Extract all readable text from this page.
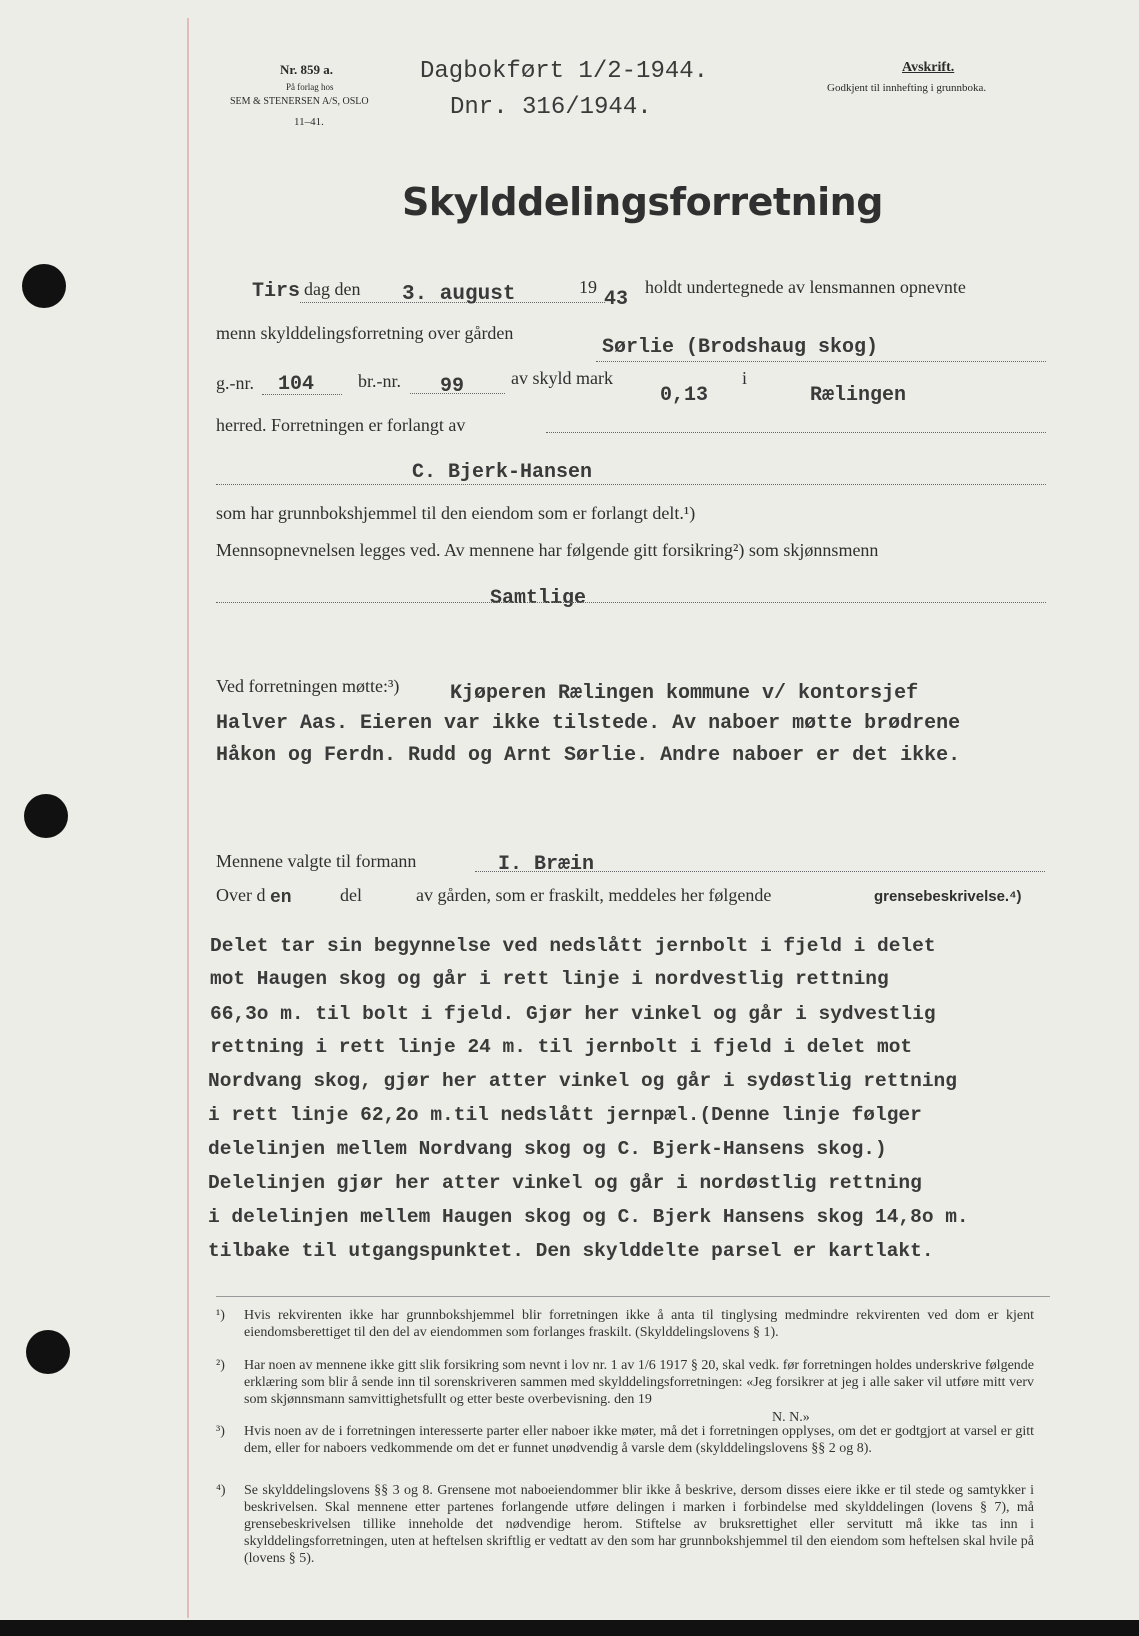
Nr. 859 a.
På forlag hos
SEM & STENERSEN A/S, OSLO
11–41.
Dagbokført 1/2-1944.
Dnr. 316/1944.
Avskrift.
Godkjent til innhefting i grunnboka.
Skylddelingsforretning
Tirs dag den 3. august	19
43
holdt undertegnede av lensmannen opnevnte
menn skylddelingsforretning over gården
Sørlie (Brodshaug skog)
g.-nr. 104 br.-nr. 99	av skyld mark
0,13
i
Rælingen
herred. Forretningen er forlangt av
C. Bjerk-Hansen
som har grunnbokshjemmel til den eiendom som er forlangt delt.¹)
Mennsopnevnelsen legges ved. Av mennene har følgende gitt forsikring²) som skjønnsmenn
Samtlige
Ved forretningen møtte:³)	Kjøperen Rælingen kommune v/ kontorsjef
Halver Aas. Eieren var ikke tilstede. Av naboer møtte brødrene
Håkon og Ferdn. Rudd og Arnt Sørlie. Andre naboer er det ikke.
Mennene valgte til formann	I. Bræin
Over d en	del	av gården, som er fraskilt, meddeles her følgende	grensebeskrivelse.⁴)
Delet tar sin begynnelse ved nedslått jernbolt i fjeld i delet
mot Haugen skog og går i rett linje i nordvestlig rettning
66,3o m. til bolt i fjeld. Gjør her vinkel og går i sydvestlig
rettning i rett linje 24 m. til jernbolt i fjeld i delet mot
Nordvang skog, gjør her atter vinkel og går i sydøstlig rettning
i rett linje 62,2o m.til nedslått jernpæl.(Denne linje følger
delelinjen mellem Nordvang skog og C. Bjerk-Hansens skog.)
Delelinjen gjør her atter vinkel og går i nordøstlig rettning
i delelinjen mellem Haugen skog og C. Bjerk Hansens skog 14,8o m.
tilbake til utgangspunktet. Den skylddelte parsel er kartlakt.
¹) Hvis rekvirenten ikke har grunnbokshjemmel blir forretningen ikke å anta til tinglysing medmindre rekvirenten ved dom er kjent eiendomsberettiget til den del av eiendommen som forlanges fraskilt. (Skylddelingslovens § 1).
²) Har noen av mennene ikke gitt slik forsikring som nevnt i lov nr. 1 av 1/6 1917 § 20, skal vedk. før forretningen holdes underskrive følgende erklæring som blir å sende inn til sorenskriveren sammen med skylddelingsforretningen: «Jeg forsikrer at jeg i alle saker vil utføre mitt verv som skjønnsmann samvittighetsfullt og etter beste overbevisning. den 19
N. N.»
³) Hvis noen av de i forretningen interesserte parter eller naboer ikke møter, må det i forretningen opplyses, om det er godtgjort at varsel er gitt dem, eller for naboers vedkommende om det er funnet unødvendig å varsle dem (skylddelingslovens §§ 2 og 8).
⁴) Se skylddelingslovens §§ 3 og 8. Grensene mot naboeiendommer blir ikke å beskrive, dersom disses eiere ikke er til stede og samtykker i beskrivelsen. Skal mennene etter partenes forlangende utføre delingen i marken i forbindelse med skylddelingen (lovens § 7), må grensebeskrivelsen tillike inneholde det nødvendige herom. Stiftelse av bruksrettighet eller servitutt må ikke tas inn i skylddelingsforretningen, uten at heftelsen skriftlig er vedtatt av den som har grunnbokshjemmel til den eiendom som heftelsen skal hvile på (lovens § 5).
